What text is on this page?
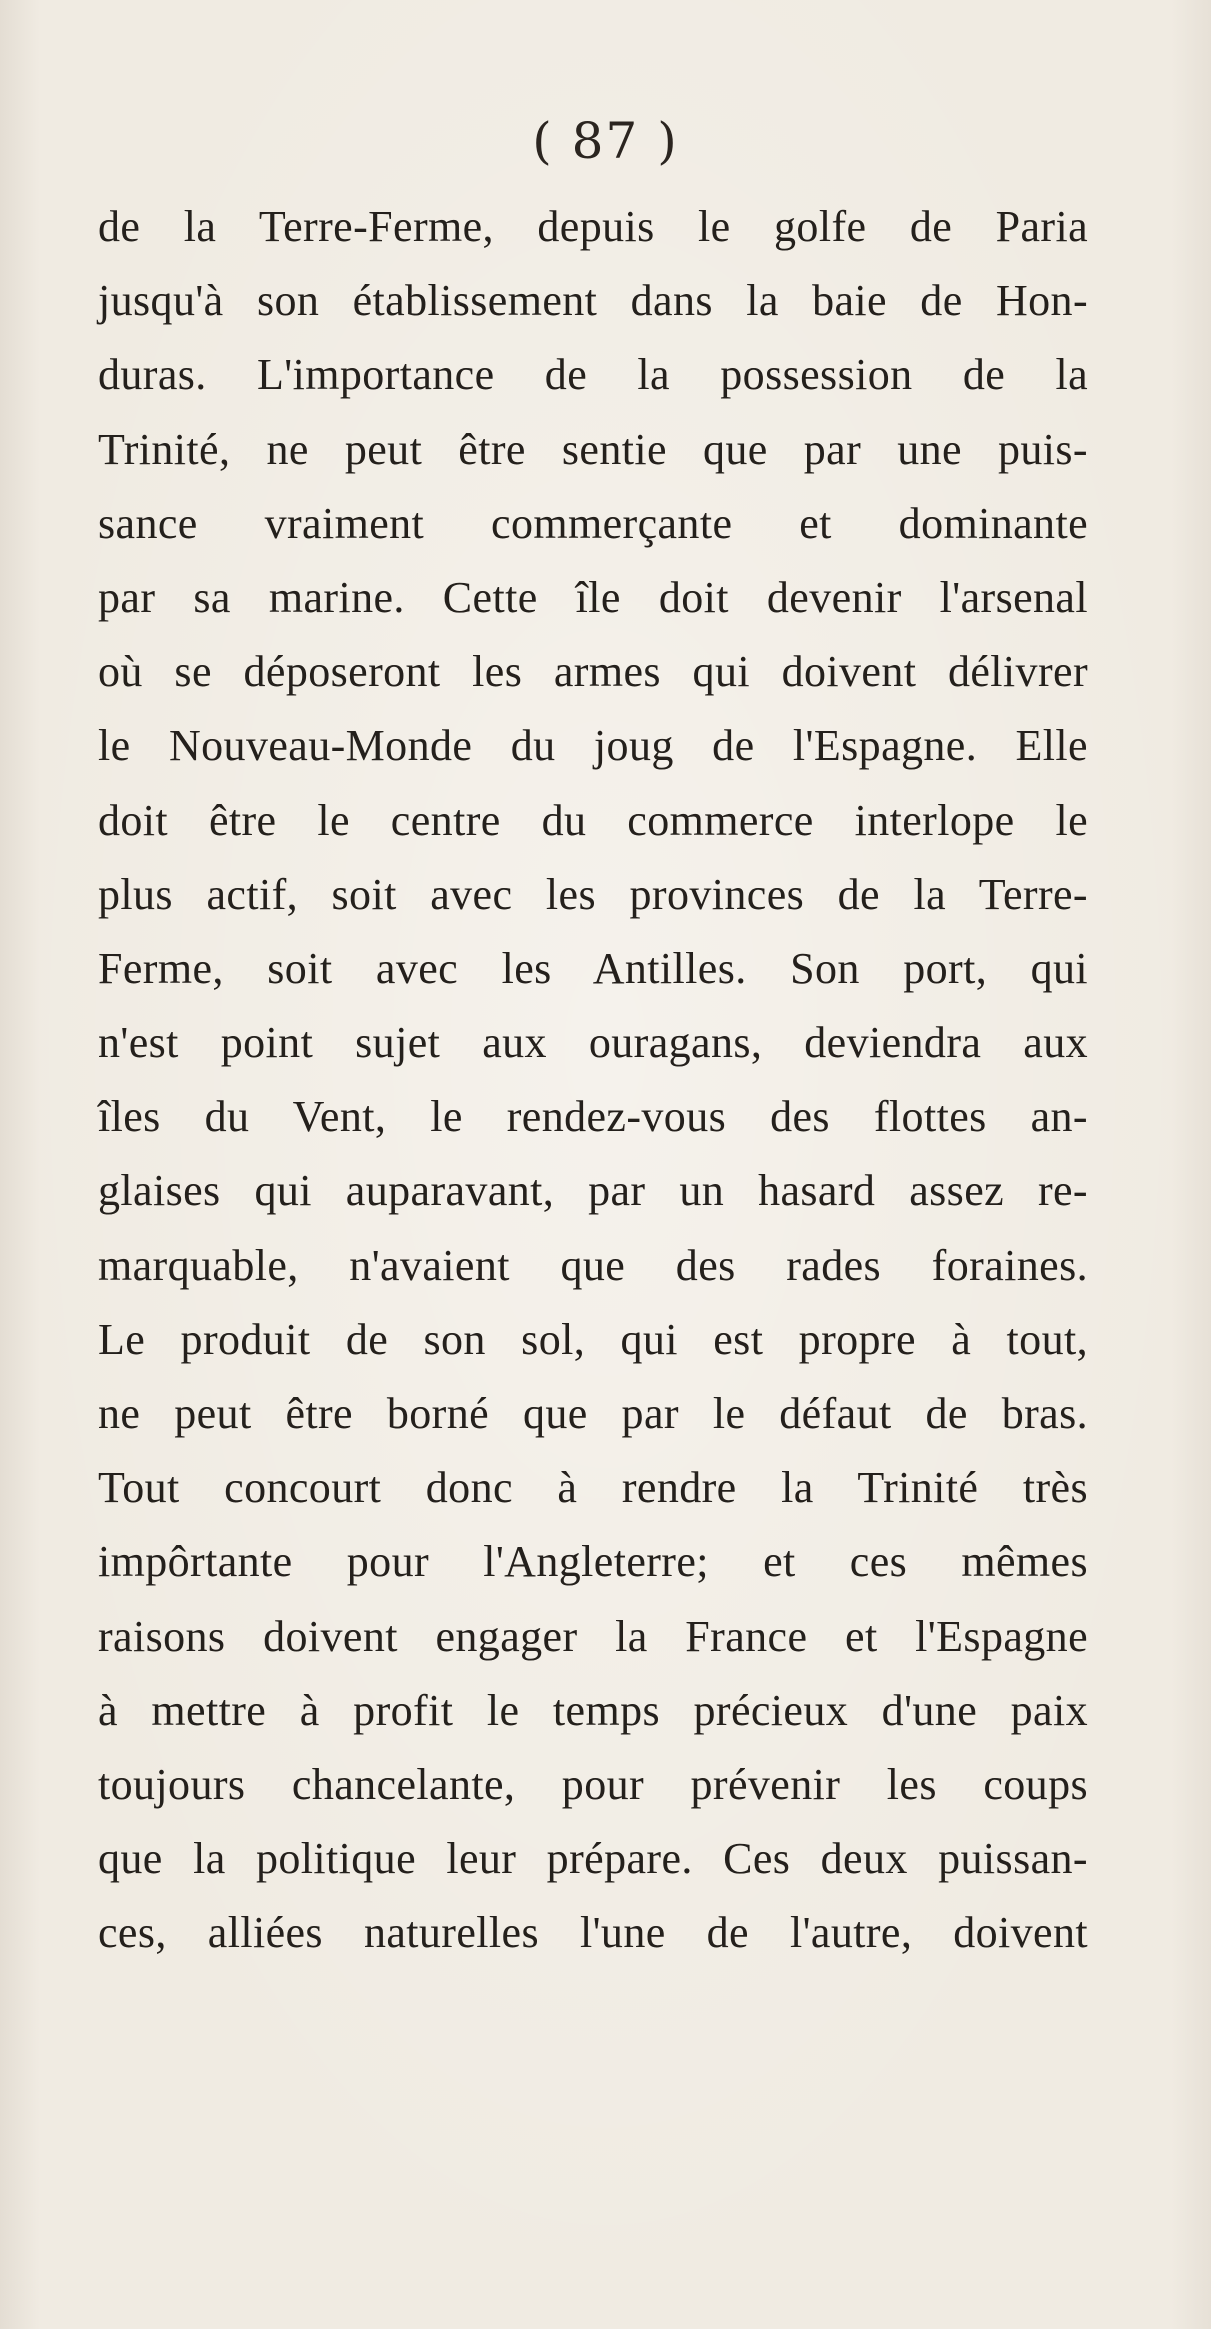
( 87 )
de la Terre-Ferme, depuis le golfe de Paria
jusqu'à son établissement dans la baie de Hon-
duras. L'importance de la possession de la
Trinité, ne peut être sentie que par une puis-
sance vraiment commerçante et dominante
par sa marine. Cette île doit devenir l'arsenal
où se déposeront les armes qui doivent délivrer
le Nouveau-Monde du joug de l'Espagne. Elle
doit être le centre du commerce interlope le
plus actif, soit avec les provinces de la Terre-
Ferme, soit avec les Antilles. Son port, qui
n'est point sujet aux ouragans, deviendra aux
îles du Vent, le rendez-vous des flottes an-
glaises qui auparavant, par un hasard assez re-
marquable, n'avaient que des rades foraines.
Le produit de son sol, qui est propre à tout,
ne peut être borné que par le défaut de bras.
Tout concourt donc à rendre la Trinité très
impôrtante pour l'Angleterre; et ces mêmes
raisons doivent engager la France et l'Espagne
à mettre à profit le temps précieux d'une paix
toujours chancelante, pour prévenir les coups
que la politique leur prépare. Ces deux puissan-
ces, alliées naturelles l'une de l'autre, doivent
